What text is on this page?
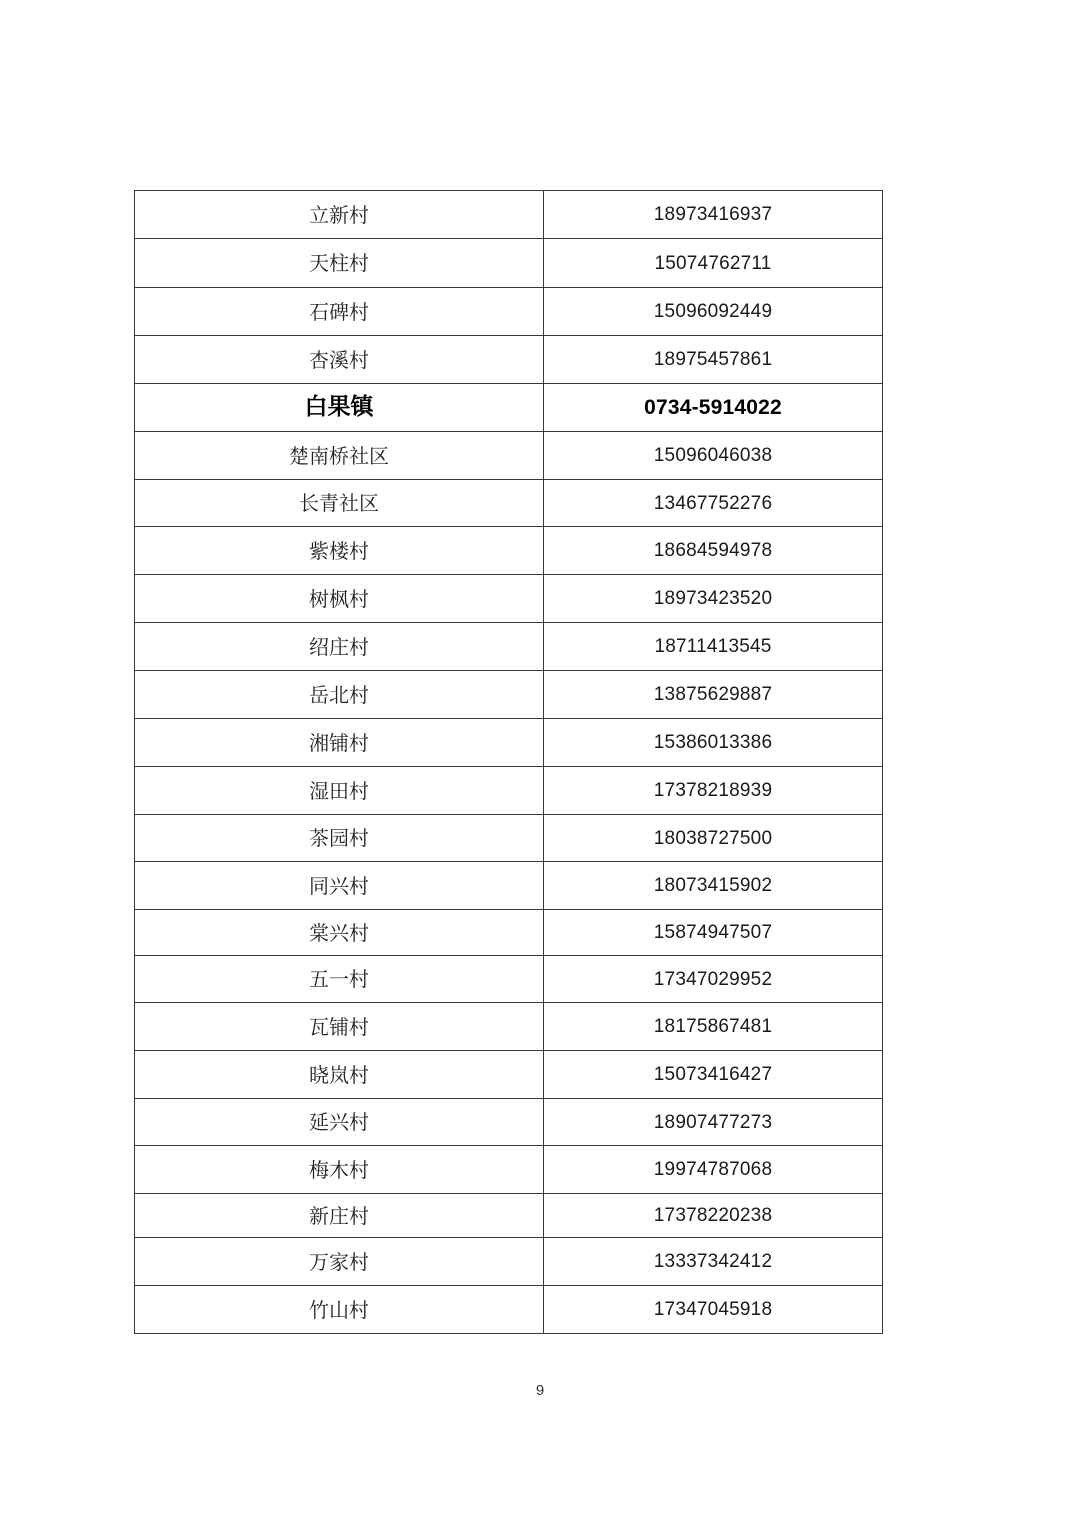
立新村	18973416937
天柱村	15074762711
石碑村	15096092449
杏溪村	18975457861
白果镇	0734-5914022
楚南桥社区	15096046038
长青社区	13467752276
紫楼村	18684594978
树枫村	18973423520
绍庄村	18711413545
岳北村	13875629887
湘铺村	15386013386
湿田村	17378218939
茶园村	18038727500
同兴村	18073415902
棠兴村	15874947507
五一村	17347029952
瓦铺村	18175867481
晓岚村	15073416427
延兴村	18907477273
梅木村	19974787068
新庄村	17378220238
万家村	13337342412
竹山村	17347045918
9
